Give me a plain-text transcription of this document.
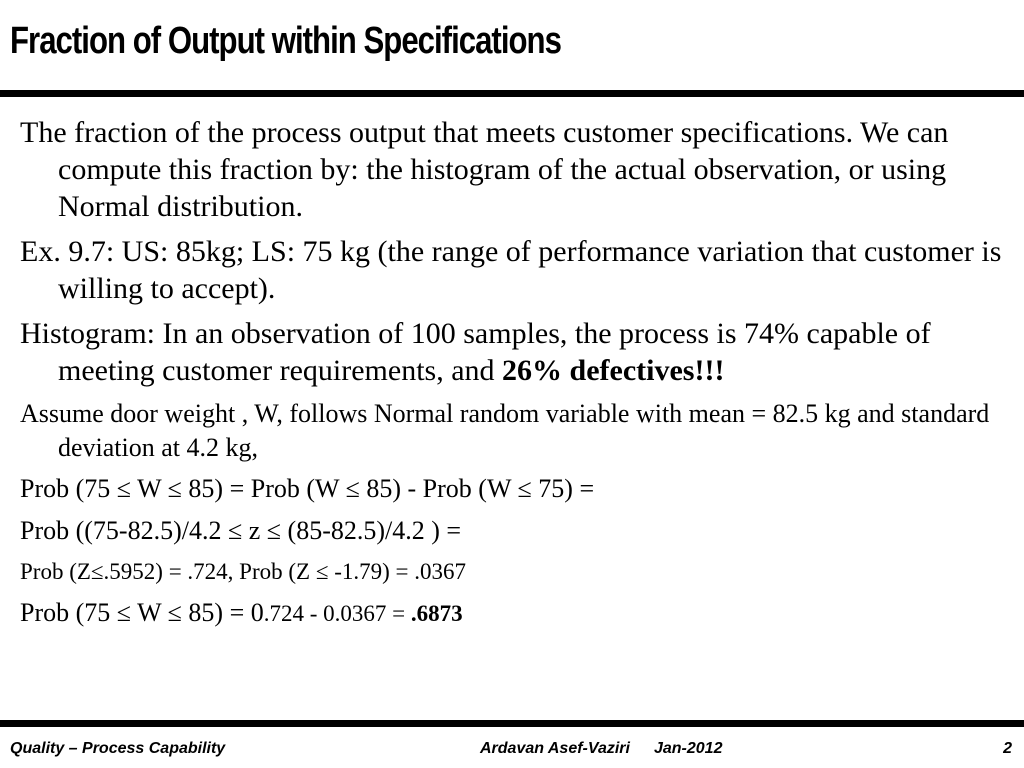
Fraction of Output within Specifications

The fraction of the process output that meets customer specifications. We can compute this fraction by: the histogram of the actual observation, or using Normal distribution.

Ex. 9.7: US: 85kg; LS: 75 kg (the range of performance variation that customer is willing to accept).

Histogram: In an observation of 100 samples, the process is 74% capable of meeting customer requirements, and 26% defectives!!!

Assume door weight , W, follows Normal random variable with mean = 82.5 kg and standard deviation at 4.2 kg,

Prob (75 ≤ W ≤ 85) = Prob (W ≤ 85) - Prob (W ≤ 75) =

Prob ((75-82.5)/4.2 ≤ z ≤ (85-82.5)/4.2 ) =

Prob (Z≤.5952) = .724, Prob (Z ≤ -1.79) = .0367

Prob (75 ≤ W ≤ 85) = 0.724 - 0.0367 = .6873

Quality – Process Capability	Ardavan Asef-Vaziri Jan-2012	2
